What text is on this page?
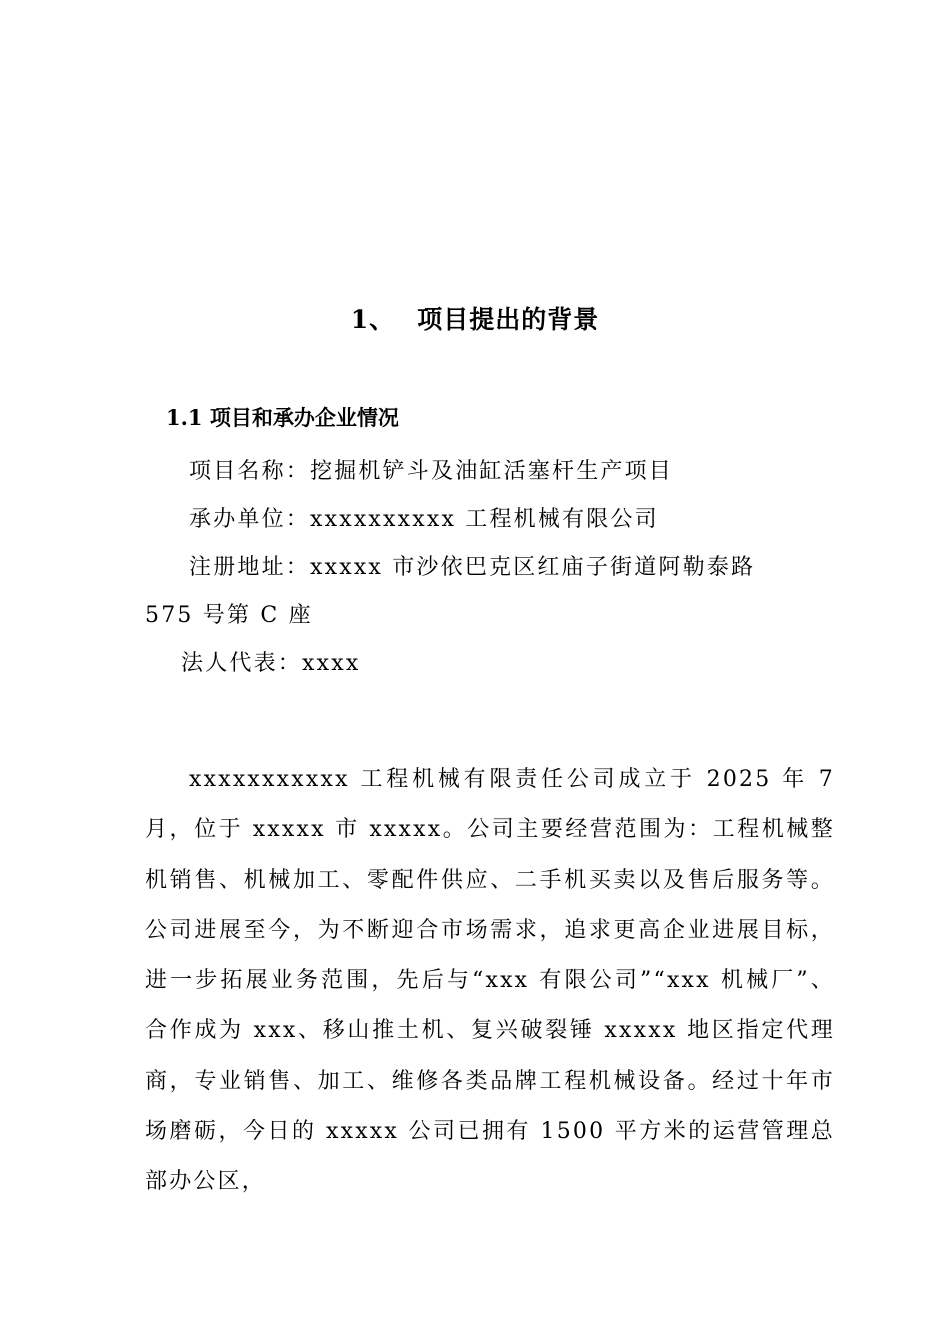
1、 项目提出的背景
1.1 项目和承办企业情况
项目名称：挖掘机铲斗及油缸活塞杆生产项目
承办单位：xxxxxxxxxx 工程机械有限公司
注册地址：xxxxx 市沙依巴克区红庙子街道阿勒泰路
575 号第 C 座
法人代表：xxxx

xxxxxxxxxxx 工程机械有限责任公司成立于 2025 年 7 月，位于 xxxxx 市 xxxxx。公司主要经营范围为：工程机械整机销售、机械加工、零配件供应、二手机买卖以及售后服务等。公司进展至今，为不断迎合市场需求，追求更高企业进展目标，进一步拓展业务范围，先后与“xxx 有限公司”“xxx 机械厂”、合作成为 xxx、移山推土机、复兴破裂锤 xxxxx 地区指定代理商，专业销售、加工、维修各类品牌工程机械设备。经过十年市场磨砺，今日的 xxxxx 公司已拥有 1500 平方米的运营管理总部办公区，
